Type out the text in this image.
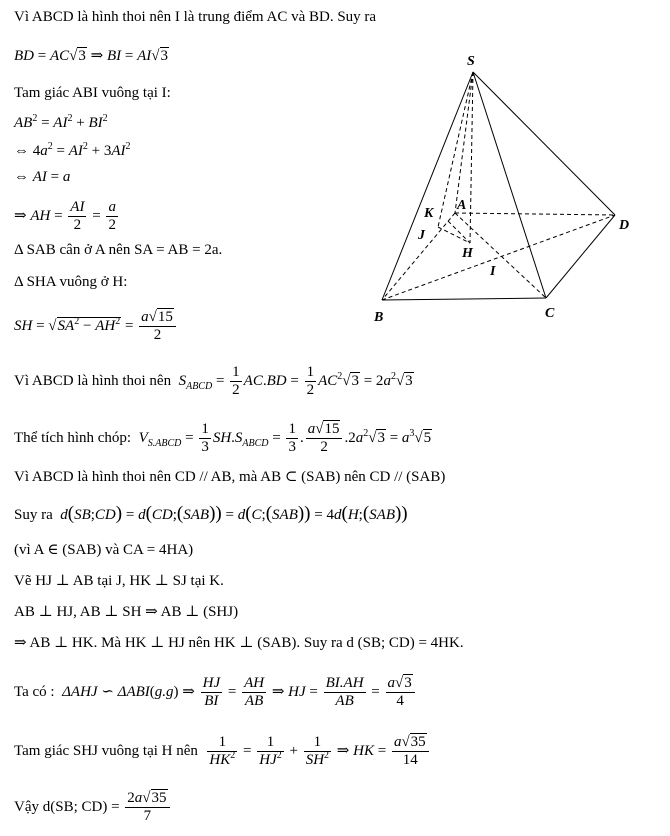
Vì ABCD là hình thoi nên I là trung điểm AC và BD. Suy ra
BD = AC√3 ⇒ BI = AI√3
Tam giác ABI vuông tại I:
$AB^2 = AI^2 + BI^2$
⇔ $4a^2 = AI^2 + 3AI^2$
⇔ AI = a
⇒ AH = $\frac{AI}{2} = \frac{a}{2}$
Δ SAB cân ở A nên SA = AB = 2a.
Δ SHA vuông ở H:
SH = $√SA^2 - AH^2 = \frac{a√15}{2}$
Vì ABCD là hình thoi nên $S_{ABCD} = \frac{1}{2} AC.BD = \frac{1}{2} AC^2√3 = 2a^2√3$
Thể tích hình chóp: $V_{S.ABCD} = \frac{1}{3} SH.S_{ABCD} = \frac{1}{3}$ . $\frac{a√15}{2} .2a^2√3 = a^3√5$
Vì ABCD là hình thoi nên CD // AB, mà AB ⊂ (SAB) nên CD // (SAB)
Suy ra d(SB;CD) = d(CD;(SAB)) = d(C;(SAB)) = 4d(H;(SAB))
(vì A ∈ (SAB) và CA = 4HA)
Vẽ HJ ⊥ AB tại J, HK ⊥ SJ tại K.
AB ⊥ HJ, AB ⊥ SH ⇒ AB ⊥ (SHJ)
⇒ AB ⊥ HK. Mà HK ⊥ HJ nên HK ⊥ (SAB). Suy ra d (SB; CD) = 4HK.
Ta có : ΔAHJ ∽ ΔABI(g.g) ⇒ $\frac{HJ}{BI} = \frac{AH}{AB}$ ⇒ HJ = $\frac{BI.AH}{AB} = \frac{a√3}{4}$
Tam giác SHJ vuông tại H nên $\frac{1}{HK^2} = \frac{1}{HJ^2} + \frac{1}{SH^2}$ ⇒ HK = $\frac{a√35}{14}$
Vậy d(SB; $CD) = \frac{2a√35}{7}$
S
A
K
J
H
I
B	C
D
